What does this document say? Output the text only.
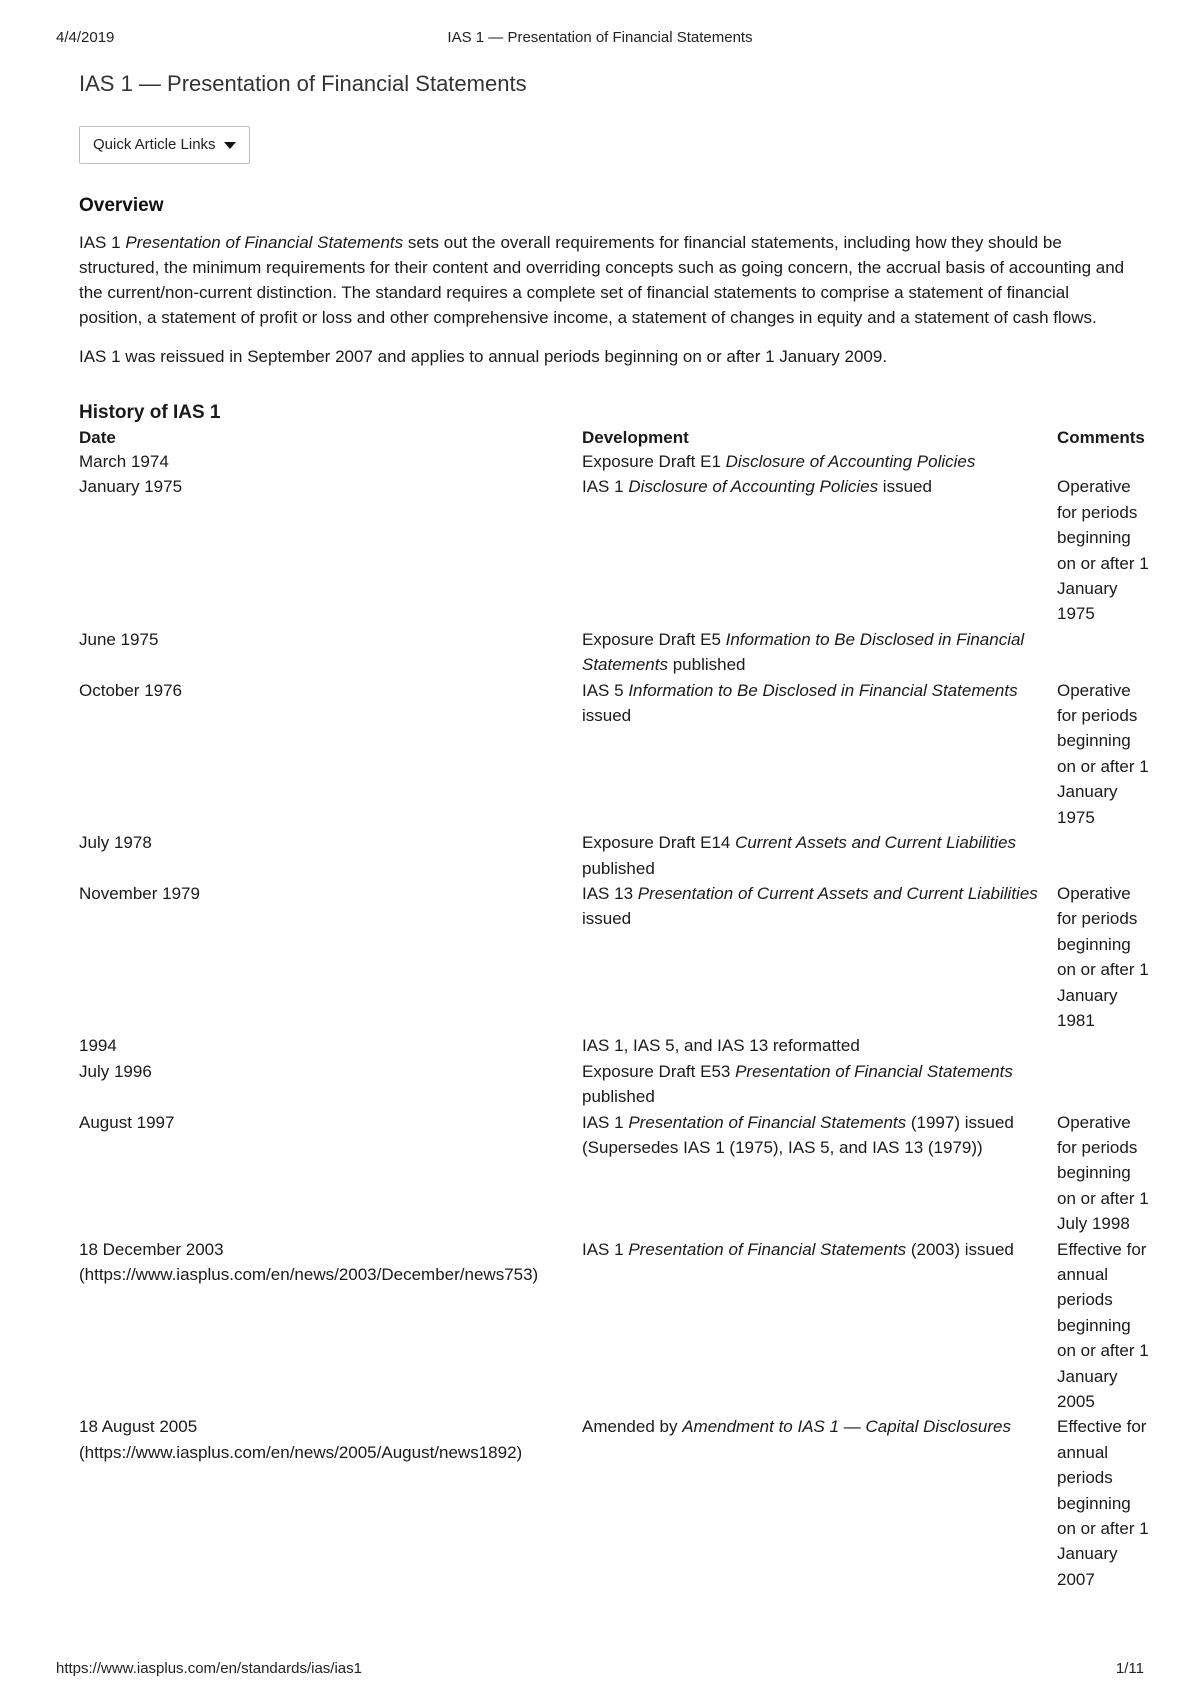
4/4/2019	IAS 1 — Presentation of Financial Statements
IAS 1 — Presentation of Financial Statements
Quick Article Links
Overview

IAS 1 Presentation of Financial Statements sets out the overall requirements for financial statements, including how they should be structured, the minimum requirements for their content and overriding concepts such as going concern, the accrual basis of accounting and the current/non-current distinction. The standard requires a complete set of financial statements to comprise a statement of financial position, a statement of profit or loss and other comprehensive income, a statement of changes in equity and a statement of cash flows.

IAS 1 was reissued in September 2007 and applies to annual periods beginning on or after 1 January 2009.

History of IAS 1
Date	Development	Comments
March 1974	Exposure Draft E1 Disclosure of Accounting Policies	
January 1975	IAS 1 Disclosure of Accounting Policies issued	Operative for periods beginning on or after 1 January 1975
June 1975	Exposure Draft E5 Information to Be Disclosed in Financial Statements published	
October 1976	IAS 5 Information to Be Disclosed in Financial Statements issued	Operative for periods beginning on or after 1 January 1975
July 1978	Exposure Draft E14 Current Assets and Current Liabilities published	
November 1979	IAS 13 Presentation of Current Assets and Current Liabilities issued	Operative for periods beginning on or after 1 January 1981
1994	IAS 1, IAS 5, and IAS 13 reformatted	
July 1996	Exposure Draft E53 Presentation of Financial Statements published	
August 1997	IAS 1 Presentation of Financial Statements (1997) issued (Supersedes IAS 1 (1975), IAS 5, and IAS 13 (1979))	Operative for periods beginning on or after 1 July 1998
18 December 2003
(https://www.iasplus.com/en/news/2003/December/news753)	IAS 1 Presentation of Financial Statements (2003) issued	Effective for annual periods beginning on or after 1 January 2005
18 August 2005
(https://www.iasplus.com/en/news/2005/August/news1892)	Amended by Amendment to IAS 1 — Capital Disclosures	Effective for annual periods beginning on or after 1 January 2007
https://www.iasplus.com/en/standards/ias/ias1	1/11
